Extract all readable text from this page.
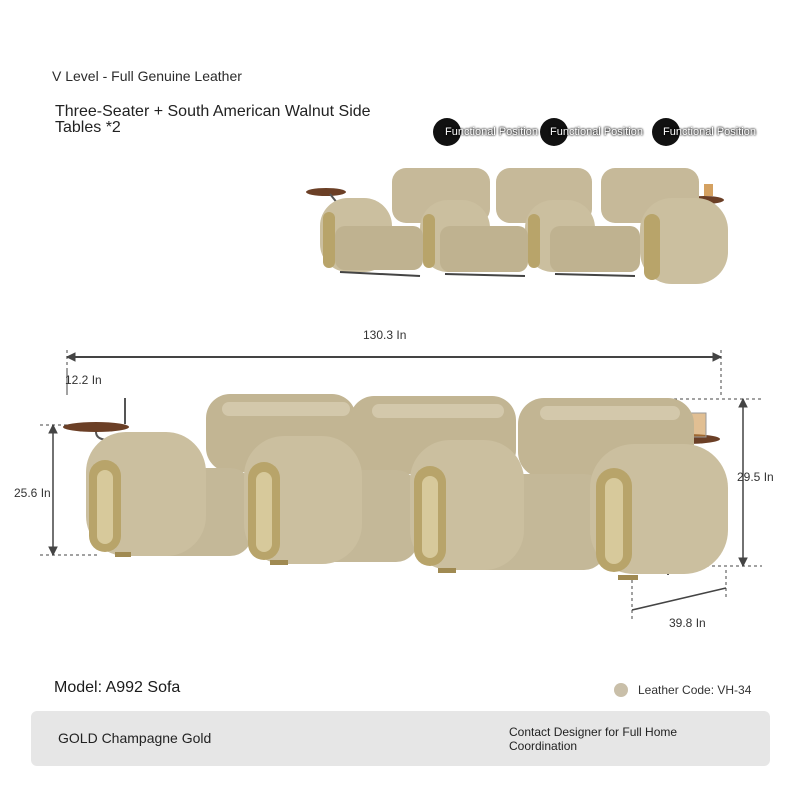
V Level - Full Genuine Leather
Three-Seater + South American Walnut Side Tables *2	Functional Position Functional Position Functional Position
130.3 In
12.2 In
25.6 In
29.5 In
39.8 In
Model: A992 Sofa	Leather Code: VH-34
GOLD Champagne Gold	Contact Designer for Full Home Coordination
